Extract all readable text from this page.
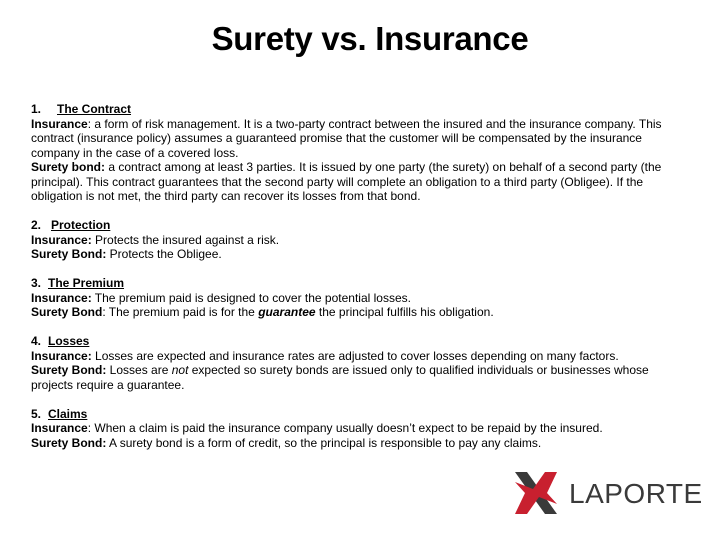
Surety vs. Insurance
1. The Contract
Insurance: a form of risk management. It is a two-party contract between the insured and the insurance company. This contract (insurance policy) assumes a guaranteed promise that the customer will be compensated by the insurance company in the case of a covered loss.
Surety bond: a contract among at least 3 parties. It is issued by one party (the surety) on behalf of a second party (the principal). This contract guarantees that the second party will complete an obligation to a third party (Obligee). If the obligation is not met, the third party can recover its losses from that bond.
2. Protection
Insurance: Protects the insured against a risk.
Surety Bond: Protects the Obligee.
3. The Premium
Insurance: The premium paid is designed to cover the potential losses.
Surety Bond: The premium paid is for the guarantee the principal fulfills his obligation.
4. Losses
Insurance: Losses are expected and insurance rates are adjusted to cover losses depending on many factors.
Surety Bond: Losses are not expected so surety bonds are issued only to qualified individuals or businesses whose projects require a guarantee.
5. Claims
Insurance: When a claim is paid the insurance company usually doesn’t expect to be repaid by the insured.
Surety Bond: A surety bond is a form of credit, so the principal is responsible to pay any claims.
LAPORTE
